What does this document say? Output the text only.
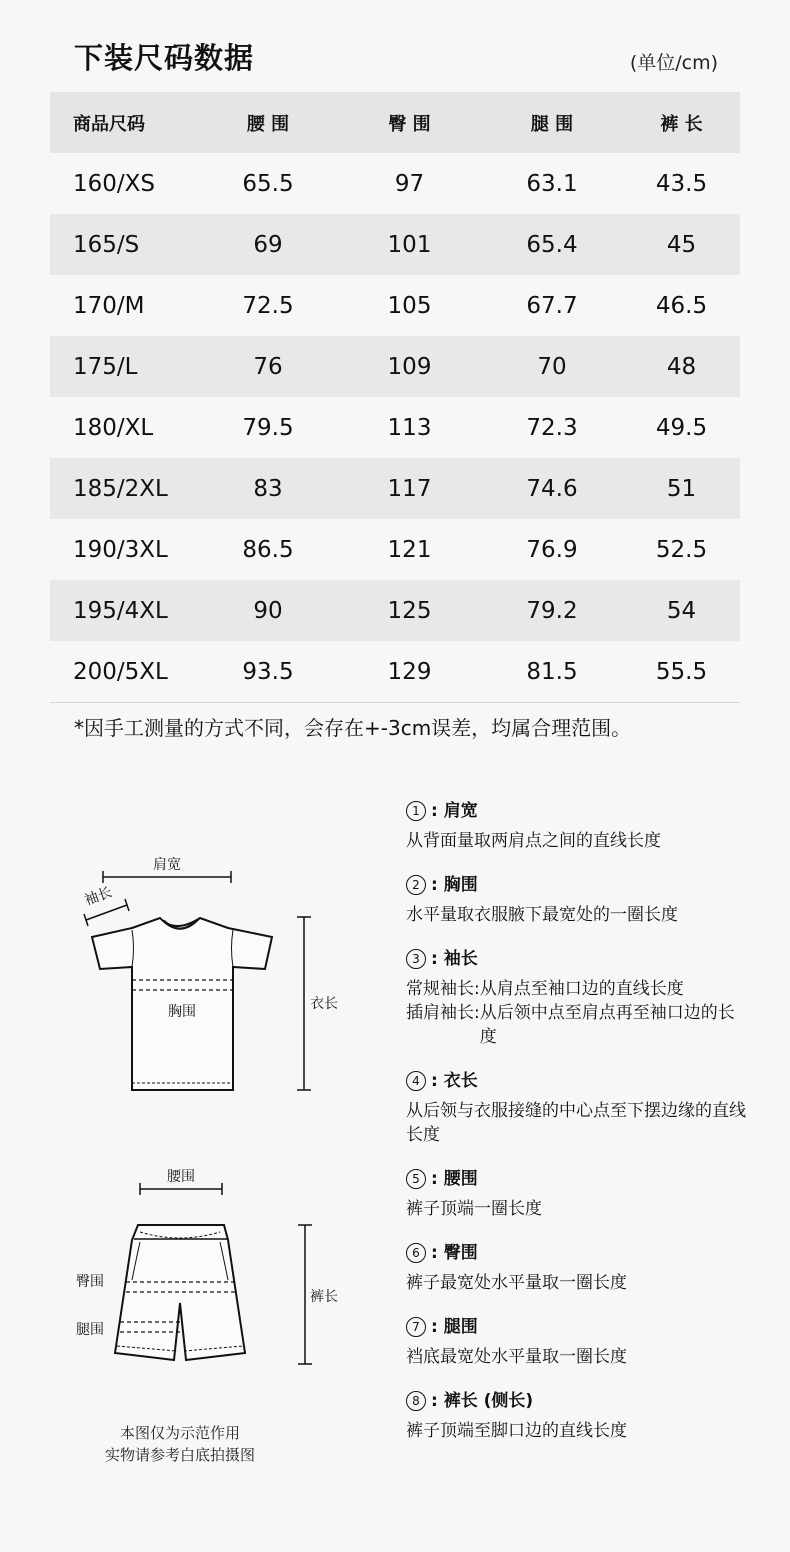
下装尺码数据	(单位/cm)
商品尺码	腰 围	臀 围	腿 围	裤 长
160/XS	65.5	97	63.1	43.5
165/S	69	101	65.4	45
170/M	72.5	105	67.7	46.5
175/L	76	109	70	48
180/XL	79.5	113	72.3	49.5
185/2XL	83	117	74.6	51
190/3XL	86.5	121	76.9	52.5
195/4XL	90	125	79.2	54
200/5XL	93.5	129	81.5	55.5
*因手工测量的方式不同，会存在+-3cm误差，均属合理范围。
肩宽
袖长
胸围	衣长
腰围
臀围
腿围
裤长
本图仅为示范作用
实物请参考白底拍摄图
1 : 肩宽
从背面量取两肩点之间的直线长度
2 : 胸围
水平量取衣服腋下最宽处的一圈长度
3 : 袖长
常规袖长: 从肩点至袖口边的直线长度
插肩袖长: 从后领中点至肩点再至袖口边的长度
4 : 衣长
从后领与衣服接缝的中心点至下摆边缘的直线长度
5 : 腰围
裤子顶端一圈长度
6 : 臀围
裤子最宽处水平量取一圈长度
7 : 腿围
裆底最宽处水平量取一圈长度
8 : 裤长 (侧长)
裤子顶端至脚口边的直线长度
